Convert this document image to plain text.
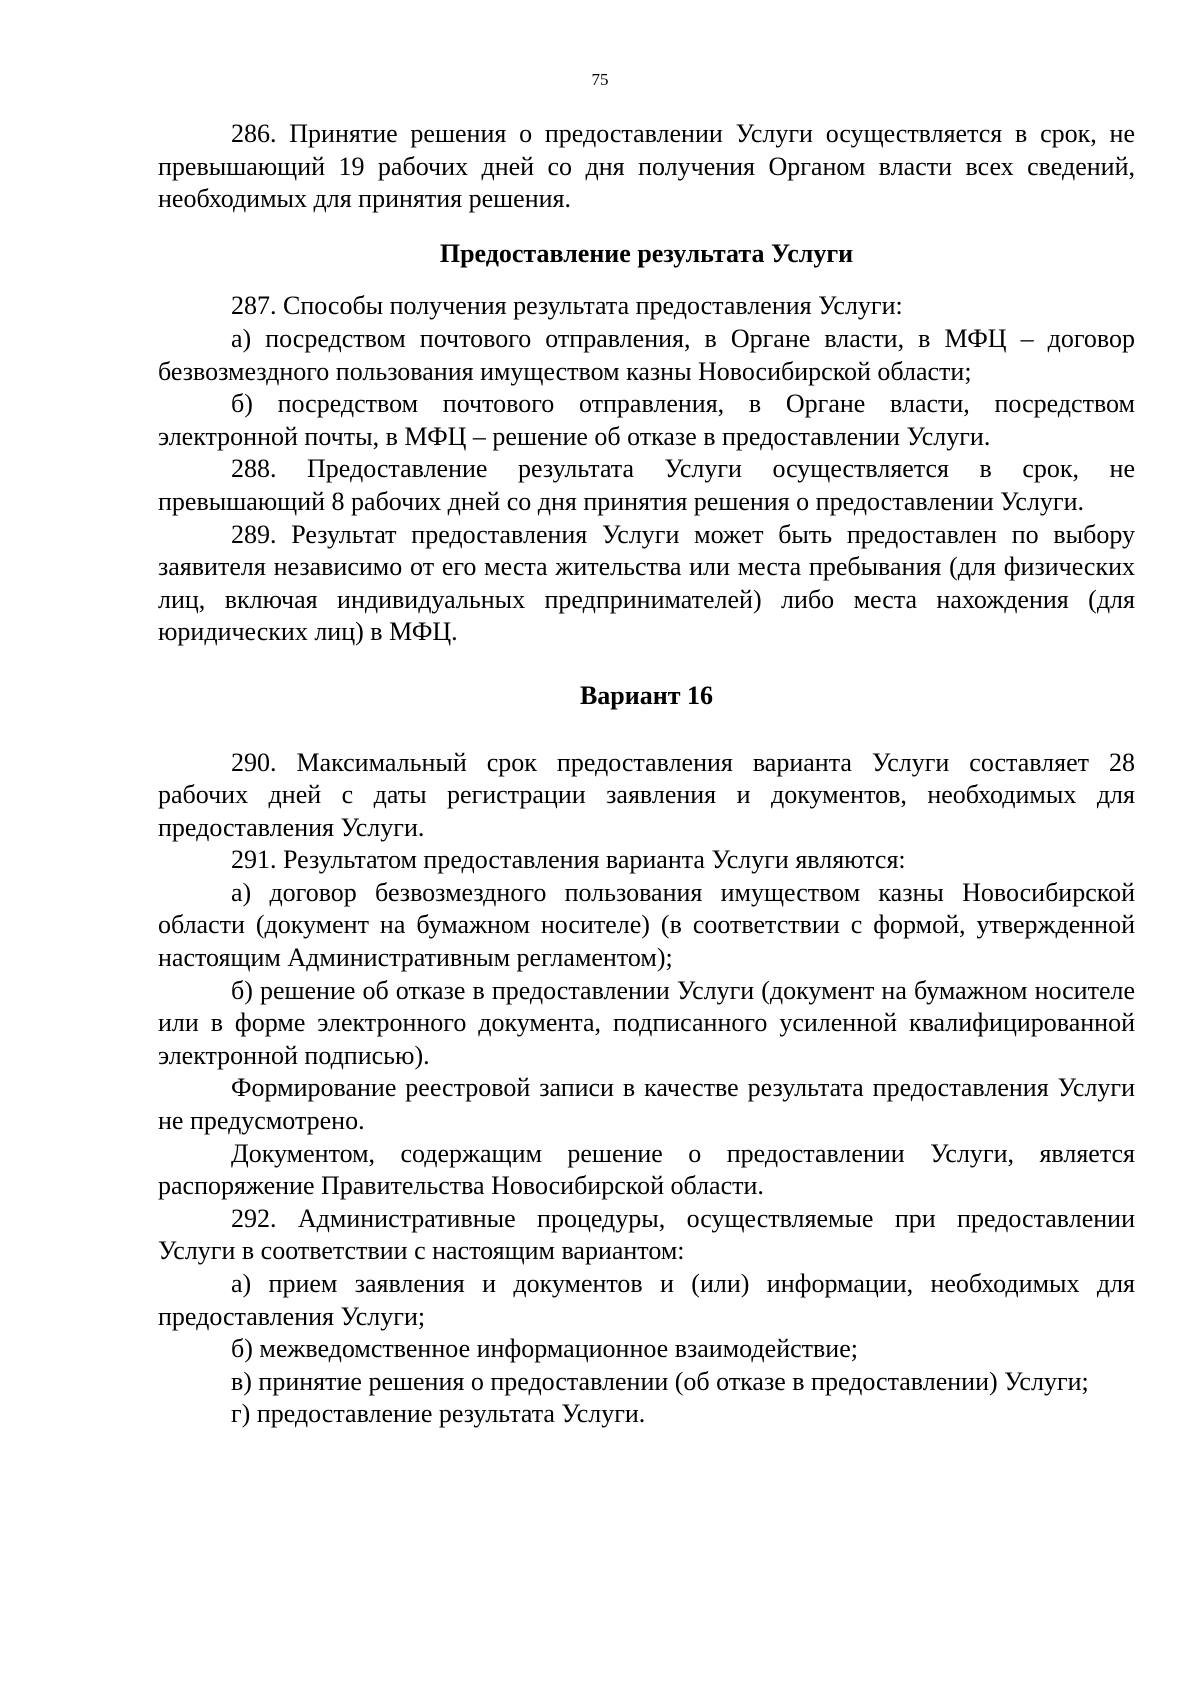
75

286. Принятие решения о предоставлении Услуги осуществляется в срок, не превышающий 19 рабочих дней со дня получения Органом власти всех сведений, необходимых для принятия решения.

Предоставление результата Услуги

287. Способы получения результата предоставления Услуги:

а) посредством почтового отправления, в Органе власти, в МФЦ – договор безвозмездного пользования имуществом казны Новосибирской области;

б) посредством почтового отправления, в Органе власти, посредством электронной почты, в МФЦ – решение об отказе в предоставлении Услуги.

288. Предоставление результата Услуги осуществляется в срок, не превышающий 8 рабочих дней со дня принятия решения о предоставлении Услуги.

289. Результат предоставления Услуги может быть предоставлен по выбору заявителя независимо от его места жительства или места пребывания (для физических лиц, включая индивидуальных предпринимателей) либо места нахождения (для юридических лиц) в МФЦ.

Вариант 16

290. Максимальный срок предоставления варианта Услуги составляет 28 рабочих дней с даты регистрации заявления и документов, необходимых для предоставления Услуги.

291. Результатом предоставления варианта Услуги являются:

а) договор безвозмездного пользования имуществом казны Новосибирской области (документ на бумажном носителе) (в соответствии с формой, утвержденной настоящим Административным регламентом);

б) решение об отказе в предоставлении Услуги (документ на бумажном носителе или в форме электронного документа, подписанного усиленной квалифицированной электронной подписью).

Формирование реестровой записи в качестве результата предоставления Услуги не предусмотрено.

Документом, содержащим решение о предоставлении Услуги, является распоряжение Правительства Новосибирской области.

292. Административные процедуры, осуществляемые при предоставлении Услуги в соответствии с настоящим вариантом:

а) прием заявления и документов и (или) информации, необходимых для предоставления Услуги;

б) межведомственное информационное взаимодействие;

в) принятие решения о предоставлении (об отказе в предоставлении) Услуги;

г) предоставление результата Услуги.
